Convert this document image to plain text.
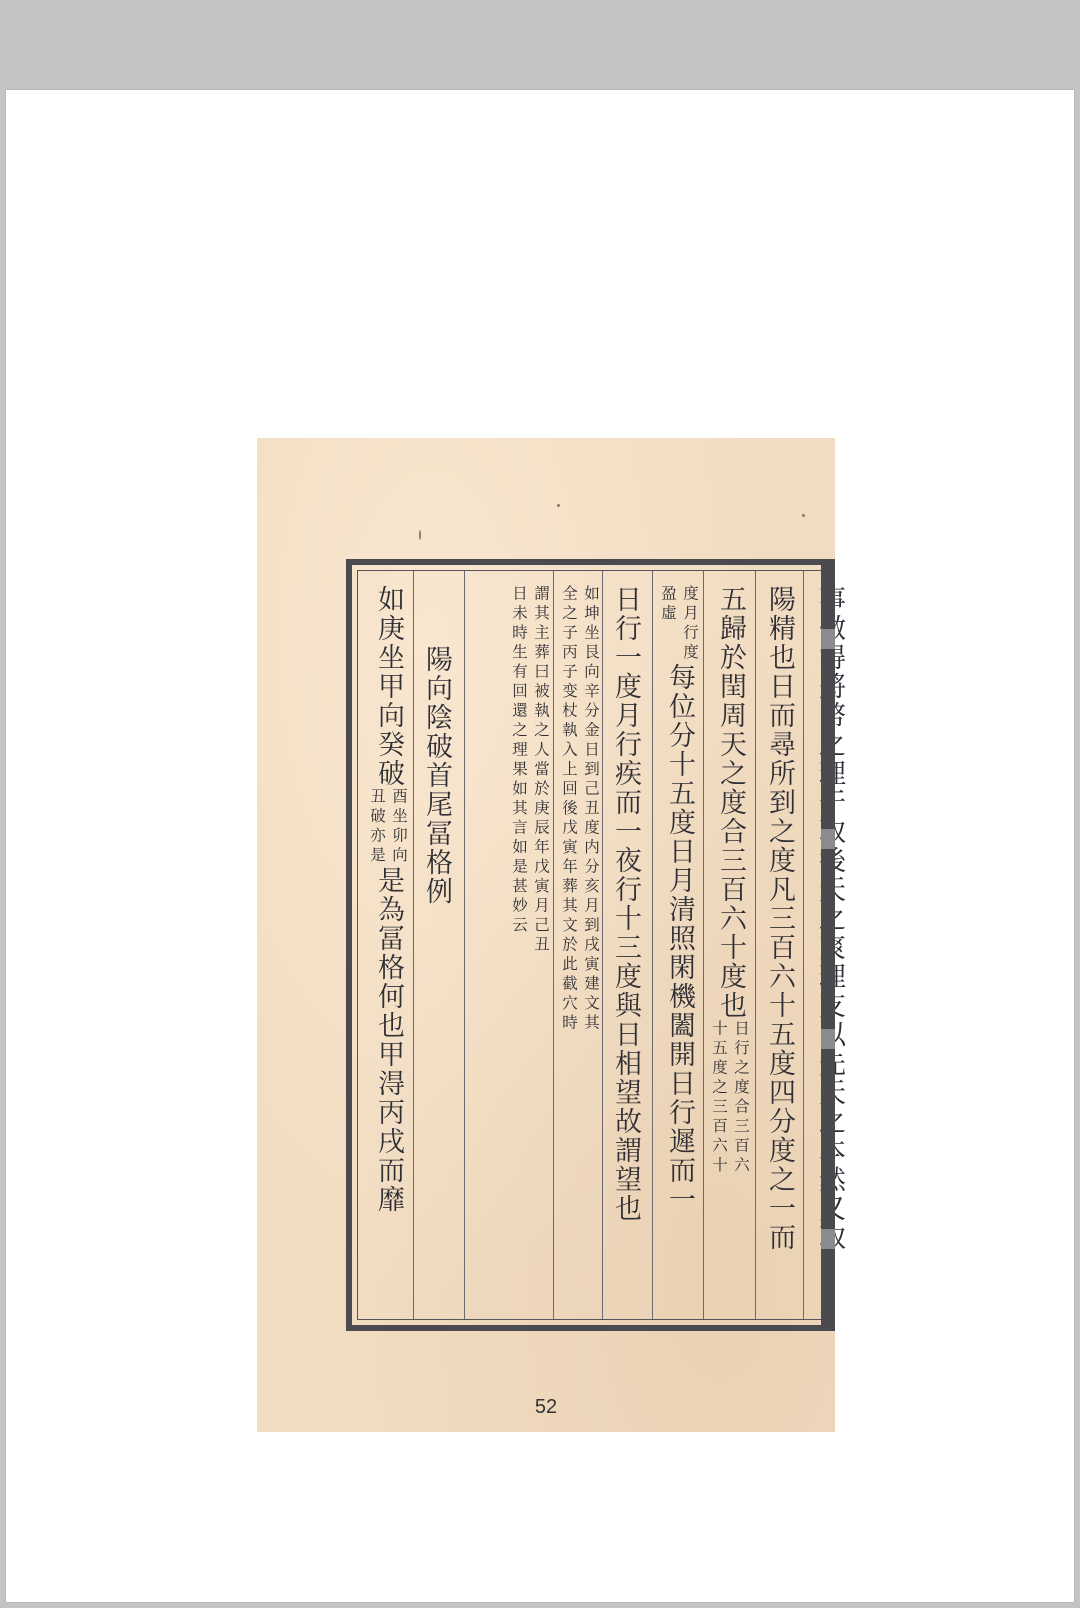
陽精也日而尋所到之度凡三百六十五度四分度之一而
五歸於閏周天之度合三百六十度也
日行之度合三百六
十五度之三百六十
度月行度
盈虛
每位分十五度日月清照閑機闔開日行遲而一
日行一度月行疾而一夜行十三度與日相望故謂望也
如坤坐艮向辛分金日到己丑度内分亥月到戌寅建文其
全之子丙子变杖執入上回後戊寅年葬其文於此截穴時
謂其主葬曰被執之人當於庚辰年戊寅月己丑
日未時生有回還之理果如其言如是甚妙云
陽向陰破首尾冨格例
如庚坐甲向癸破
酉坐卯向
丑破亦是
是為冨格何也甲淂丙戌而靡
52
